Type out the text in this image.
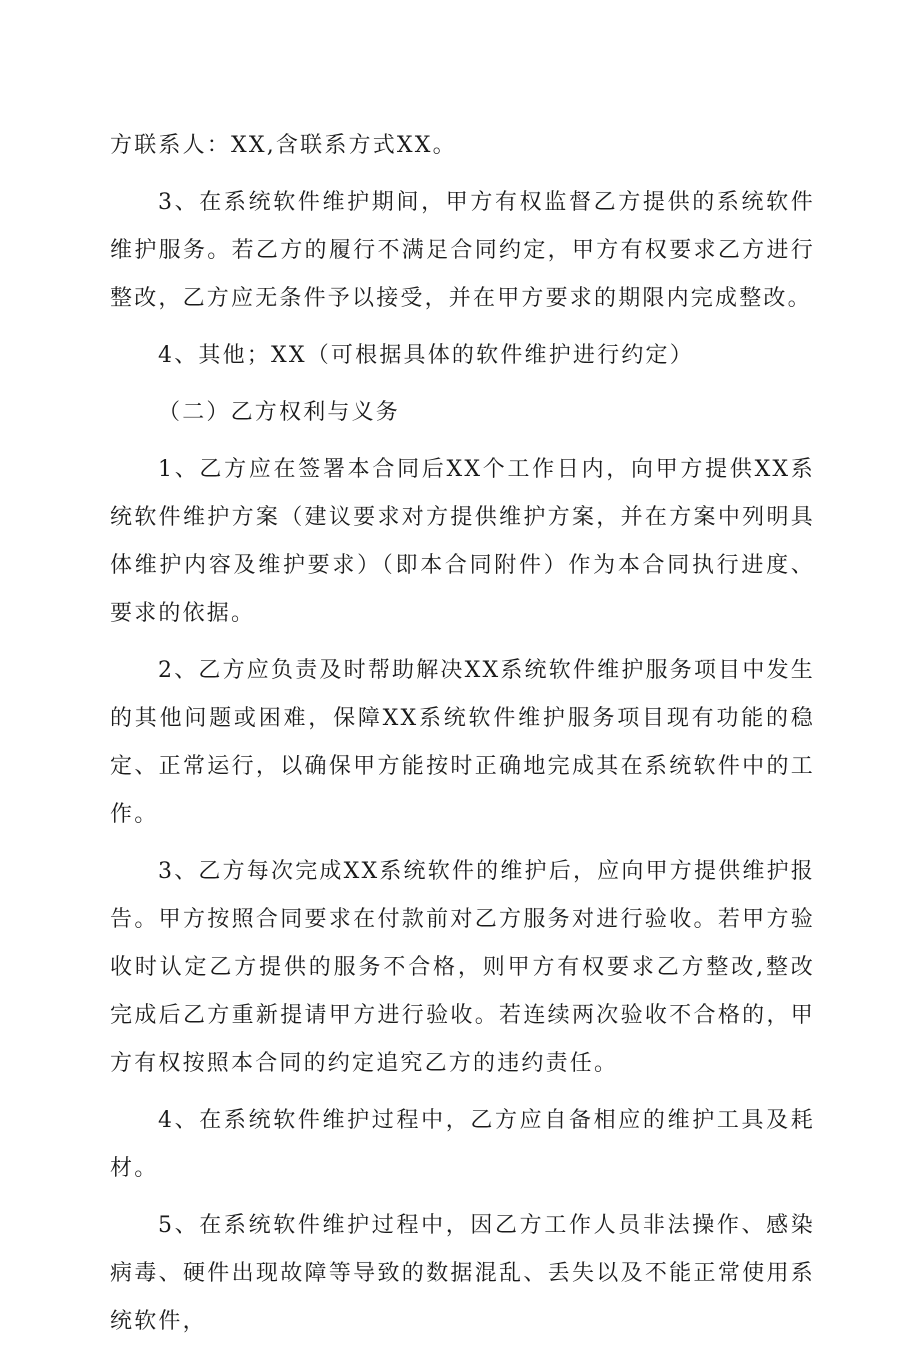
方联系人：XX,含联系方式XX。

3、在系统软件维护期间，甲方有权监督乙方提供的系统软件维护服务。若乙方的履行不满足合同约定，甲方有权要求乙方进行整改，乙方应无条件予以接受，并在甲方要求的期限内完成整改。

4、其他；XX（可根据具体的软件维护进行约定）

（二）乙方权利与义务

1、乙方应在签署本合同后XX个工作日内，向甲方提供XX系统软件维护方案（建议要求对方提供维护方案，并在方案中列明具体维护内容及维护要求）（即本合同附件）作为本合同执行进度、要求的依据。

2、乙方应负责及时帮助解决XX系统软件维护服务项目中发生的其他问题或困难，保障XX系统软件维护服务项目现有功能的稳定、正常运行，以确保甲方能按时正确地完成其在系统软件中的工作。

3、乙方每次完成XX系统软件的维护后，应向甲方提供维护报告。甲方按照合同要求在付款前对乙方服务对进行验收。若甲方验收时认定乙方提供的服务不合格，则甲方有权要求乙方整改,整改完成后乙方重新提请甲方进行验收。若连续两次验收不合格的，甲方有权按照本合同的约定追究乙方的违约责任。

4、在系统软件维护过程中，乙方应自备相应的维护工具及耗材。

5、在系统软件维护过程中，因乙方工作人员非法操作、感染病毒、硬件出现故障等导致的数据混乱、丢失以及不能正常使用系统软件，
